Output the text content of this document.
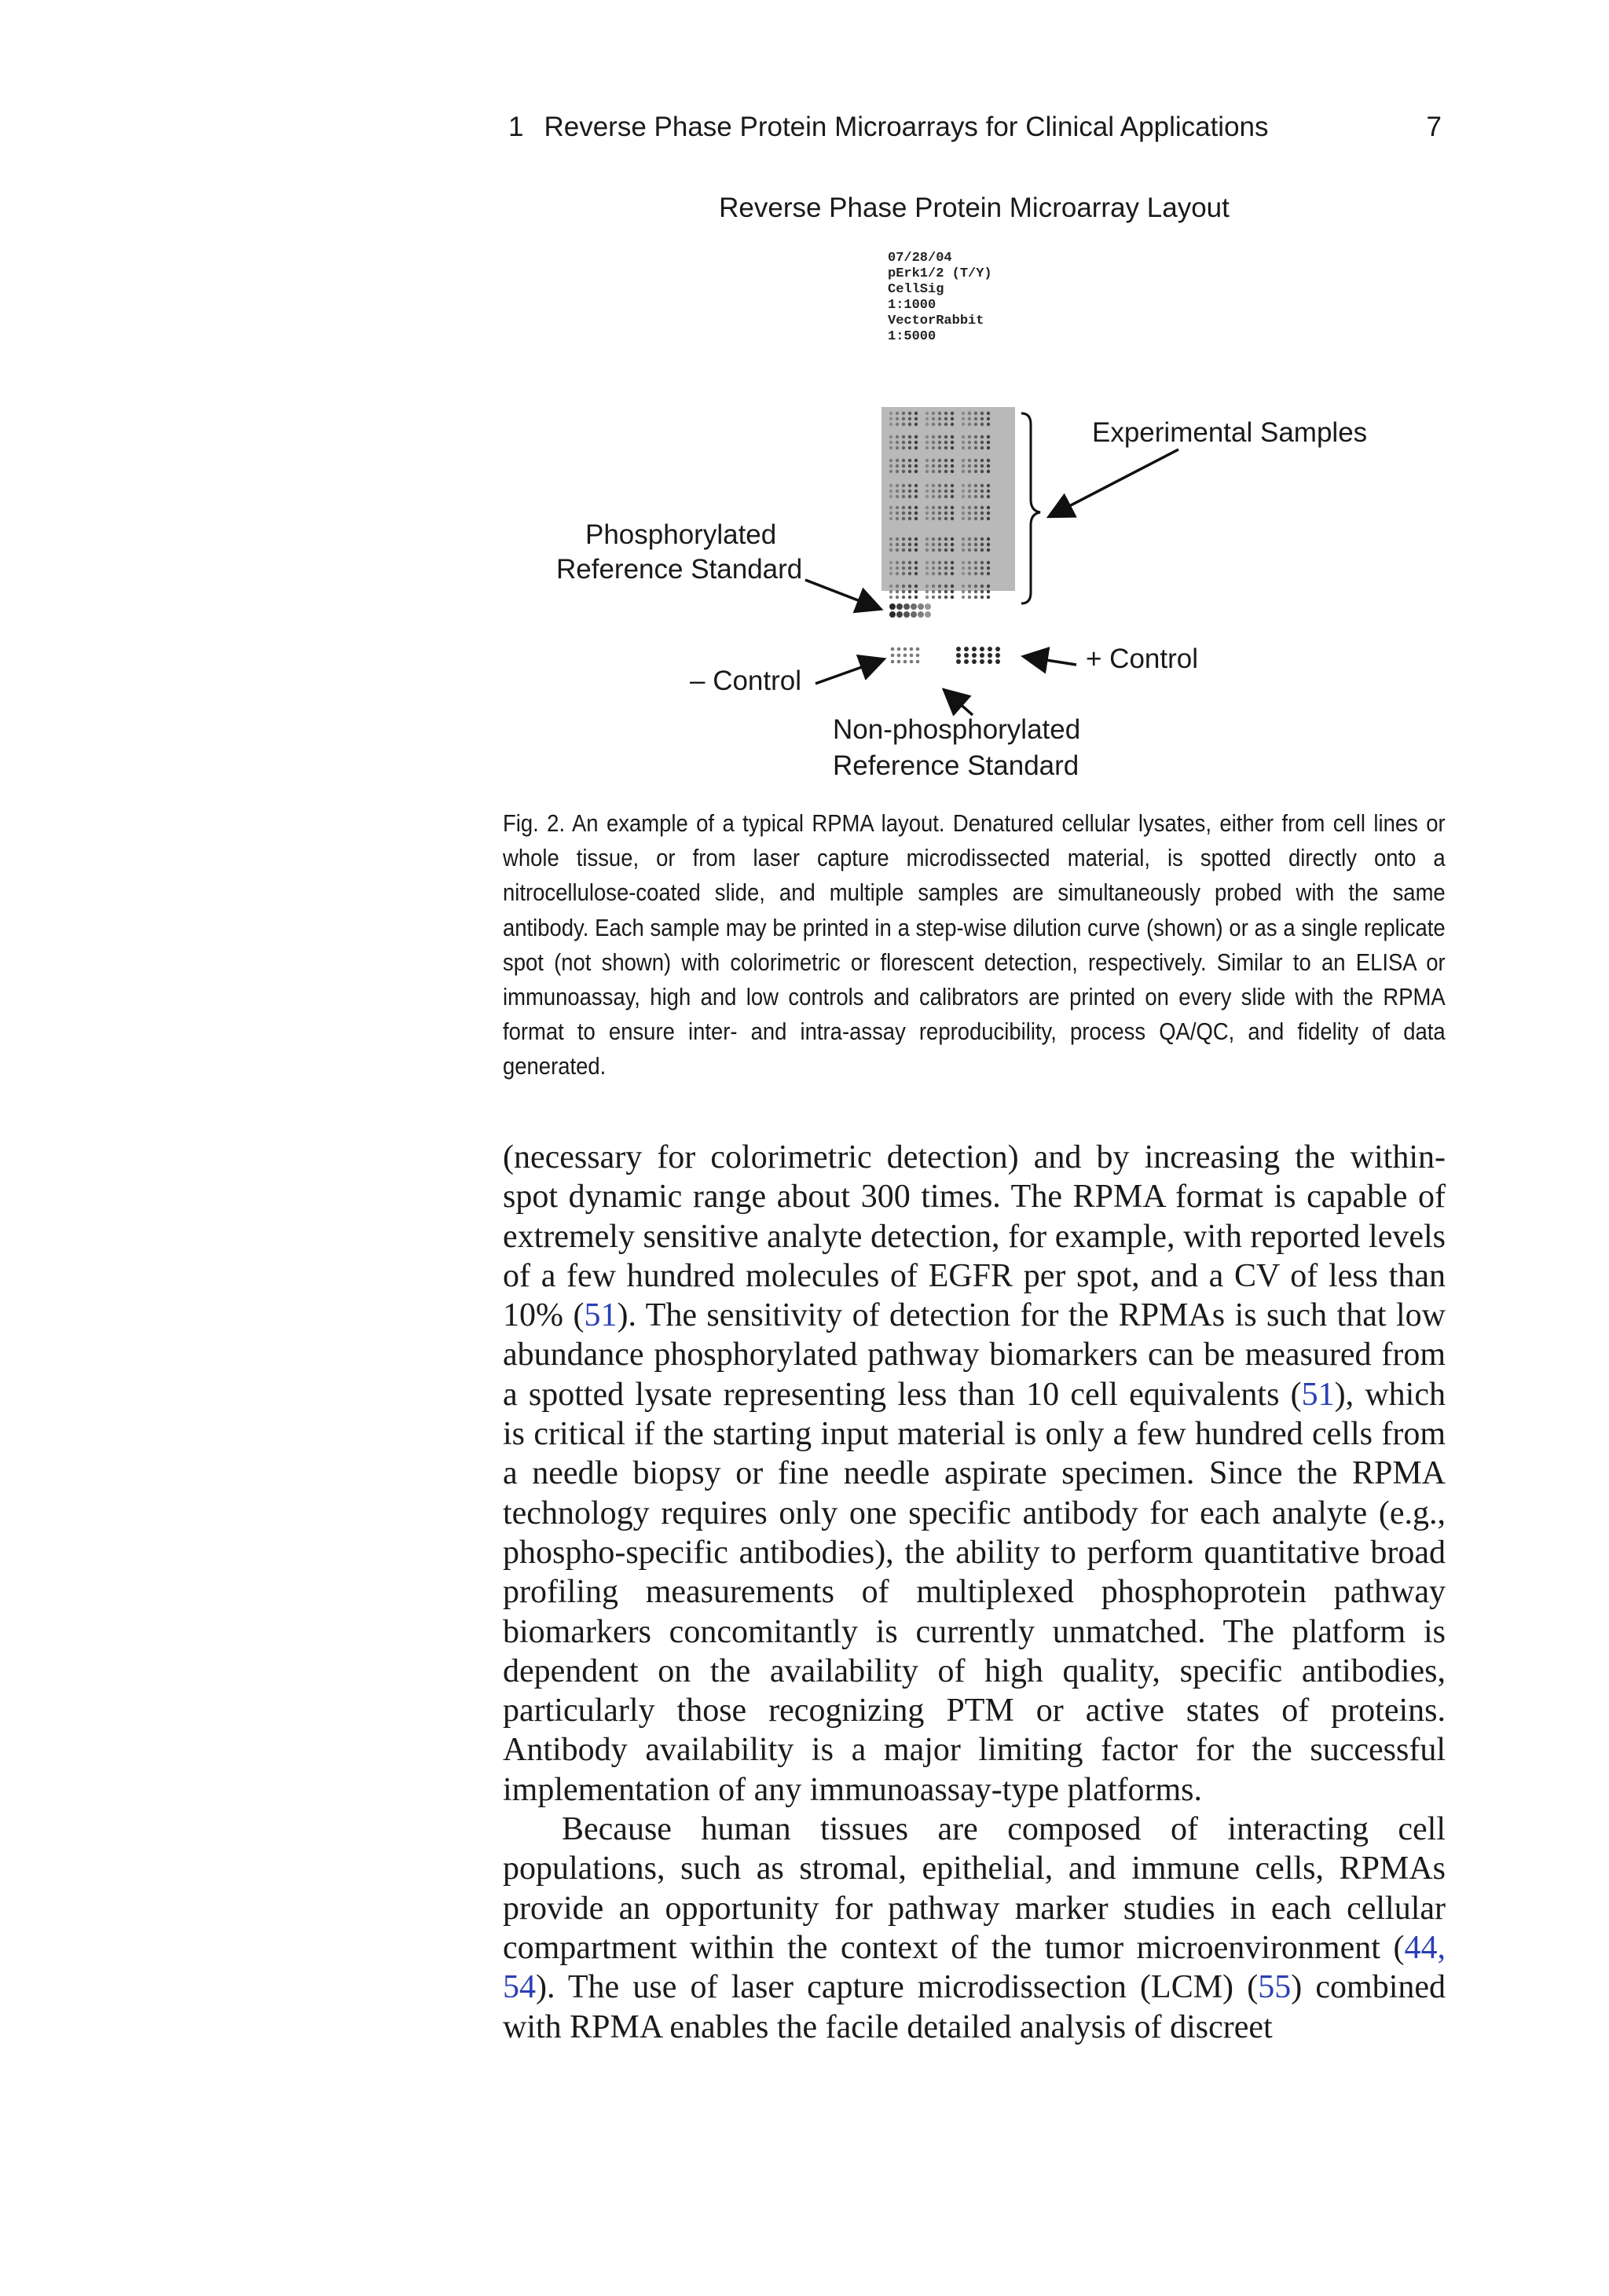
1 Reverse Phase Protein Microarrays for Clinical Applications	7
Reverse Phase Protein Microarray Layout
07/28/04
pErk1/2 (T/Y)
CellSig
1:1000
VectorRabbit
1:5000
Experimental Samples
Phosphorylated
Reference Standard
+ Control
– Control
Non-phosphorylated
Reference Standard
Fig. 2. An example of a typical RPMA layout. Denatured cellular lysates, either from cell lines or whole tissue, or from laser capture microdissected material, is spotted directly onto a nitrocellulose-coated slide, and multiple samples are simultaneously probed with the same antibody. Each sample may be printed in a step-wise dilution curve (shown) or as a single replicate spot (not shown) with colorimetric or florescent detection, respectively. Similar to an ELISA or immunoassay, high and low controls and calibrators are printed on every slide with the RPMA format to ensure inter- and intra-assay reproducibility, process QA/QC, and fidelity of data generated.

(necessary for colorimetric detection) and by increasing the within-spot dynamic range about 300 times. The RPMA format is capable of extremely sensitive analyte detection, for example, with reported levels of a few hundred molecules of EGFR per spot, and a CV of less than 10% (51). The sensitivity of detection for the RPMAs is such that low abundance phosphorylated pathway biomarkers can be measured from a spotted lysate representing less than 10 cell equivalents (51), which is critical if the starting input material is only a few hundred cells from a needle biopsy or fine needle aspirate specimen. Since the RPMA technology requires only one specific antibody for each analyte (e.g., phospho-specific antibodies), the ability to perform quantitative broad profiling measurements of multiplexed phosphoprotein pathway biomarkers concomitantly is currently unmatched. The platform is dependent on the availability of high quality, specific antibodies, particularly those recognizing PTM or active states of proteins. Antibody availability is a major limiting factor for the successful implementation of any immunoassay-type platforms.

Because human tissues are composed of interacting cell populations, such as stromal, epithelial, and immune cells, RPMAs provide an opportunity for pathway marker studies in each cellular compartment within the context of the tumor microenvironment (44, 54). The use of laser capture microdissection (LCM) (55) combined with RPMA enables the facile detailed analysis of discreet
